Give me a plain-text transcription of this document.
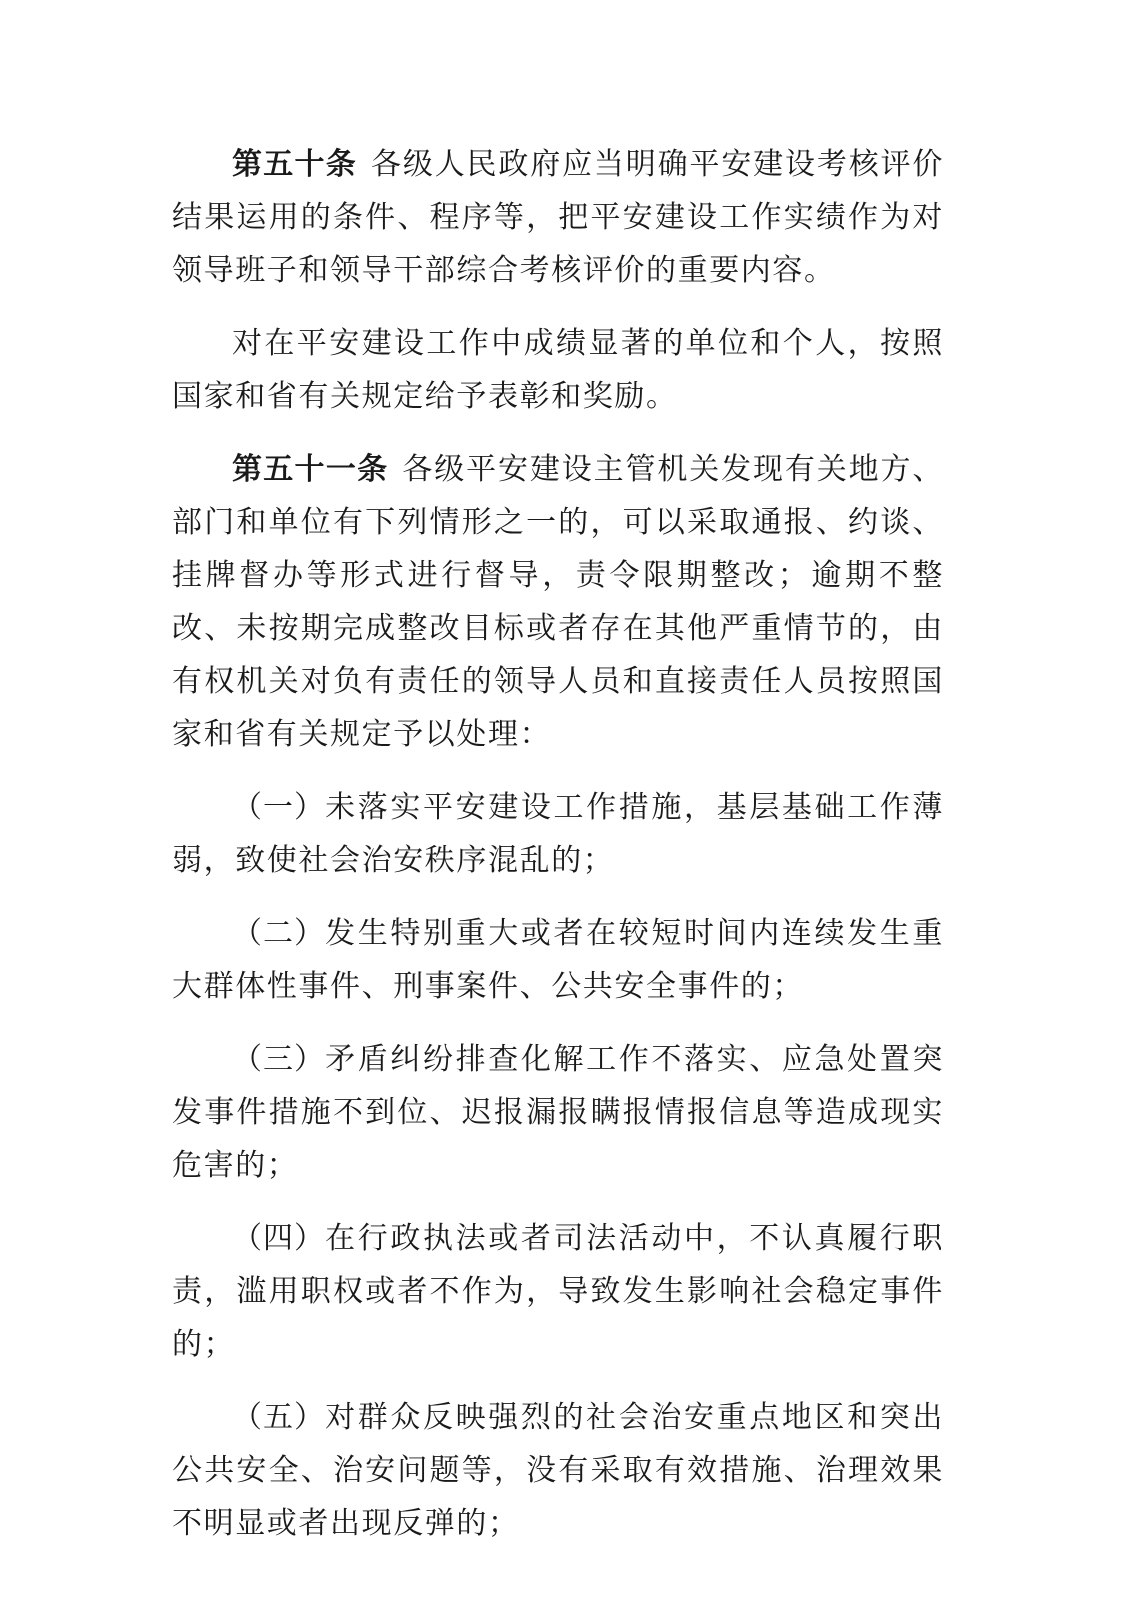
第五十条 各级人民政府应当明确平安建设考核评价结果运用的条件、程序等，把平安建设工作实绩作为对领导班子和领导干部综合考核评价的重要内容。

对在平安建设工作中成绩显著的单位和个人，按照国家和省有关规定给予表彰和奖励。

第五十一条 各级平安建设主管机关发现有关地方、部门和单位有下列情形之一的，可以采取通报、约谈、挂牌督办等形式进行督导，责令限期整改；逾期不整改、未按期完成整改目标或者存在其他严重情节的，由有权机关对负有责任的领导人员和直接责任人员按照国家和省有关规定予以处理：

（一）未落实平安建设工作措施，基层基础工作薄弱，致使社会治安秩序混乱的；

（二）发生特别重大或者在较短时间内连续发生重大群体性事件、刑事案件、公共安全事件的；

（三）矛盾纠纷排查化解工作不落实、应急处置突发事件措施不到位、迟报漏报瞒报情报信息等造成现实危害的；

（四）在行政执法或者司法活动中，不认真履行职责，滥用职权或者不作为，导致发生影响社会稳定事件的；

（五）对群众反映强烈的社会治安重点地区和突出公共安全、治安问题等，没有采取有效措施、治理效果不明显或者出现反弹的；
